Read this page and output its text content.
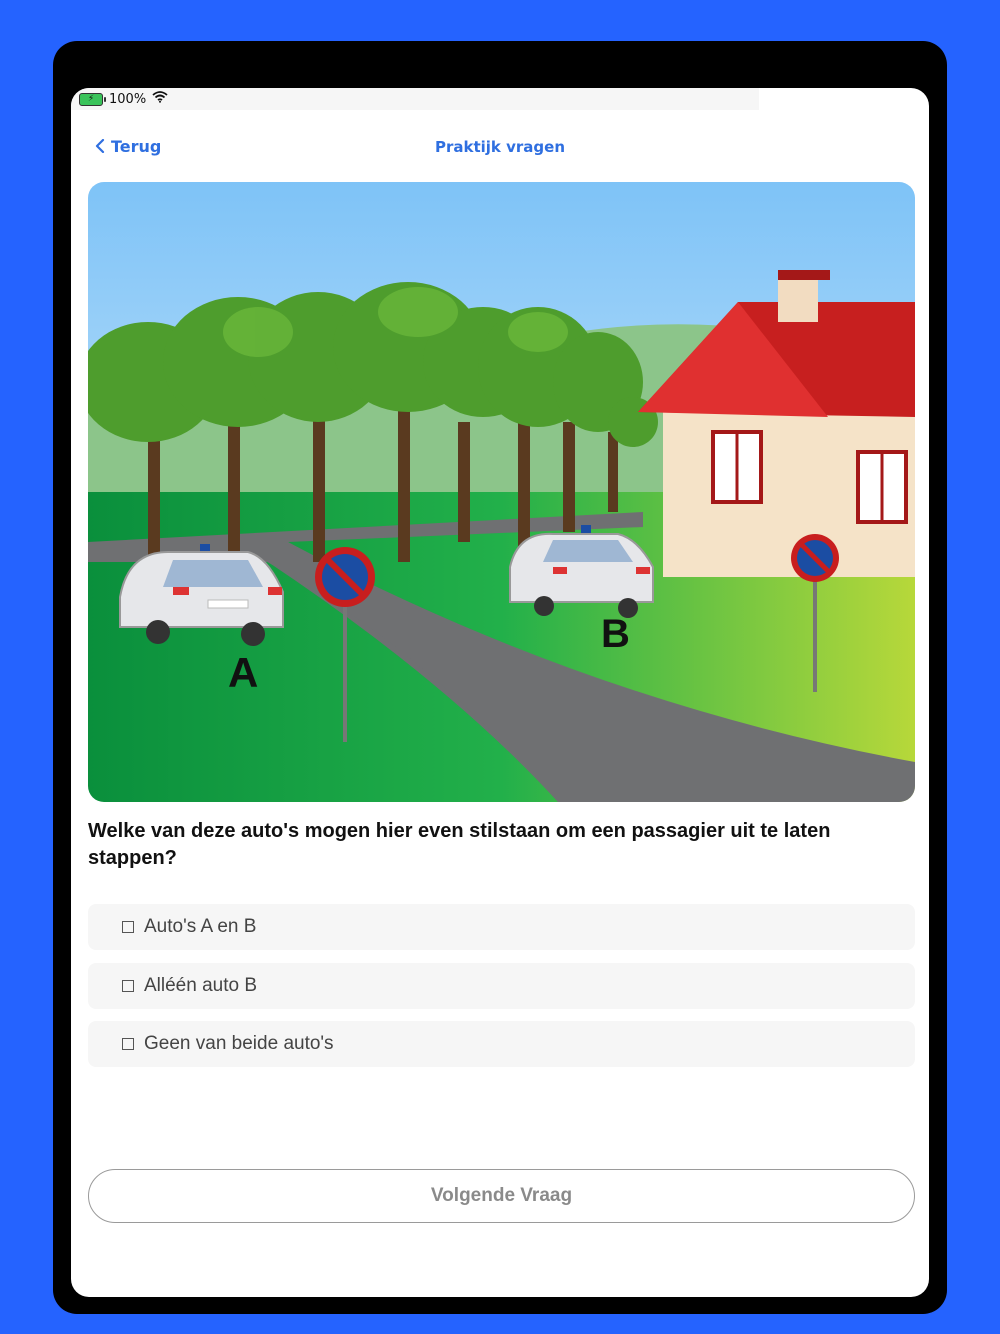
⚡	100%
Terug	Praktijk vragen
A
B
Welke van deze auto's mogen hier even stilstaan om een passagier uit te laten stappen?
Auto's A en B
Alléén auto B
Geen van beide auto's
Volgende Vraag
